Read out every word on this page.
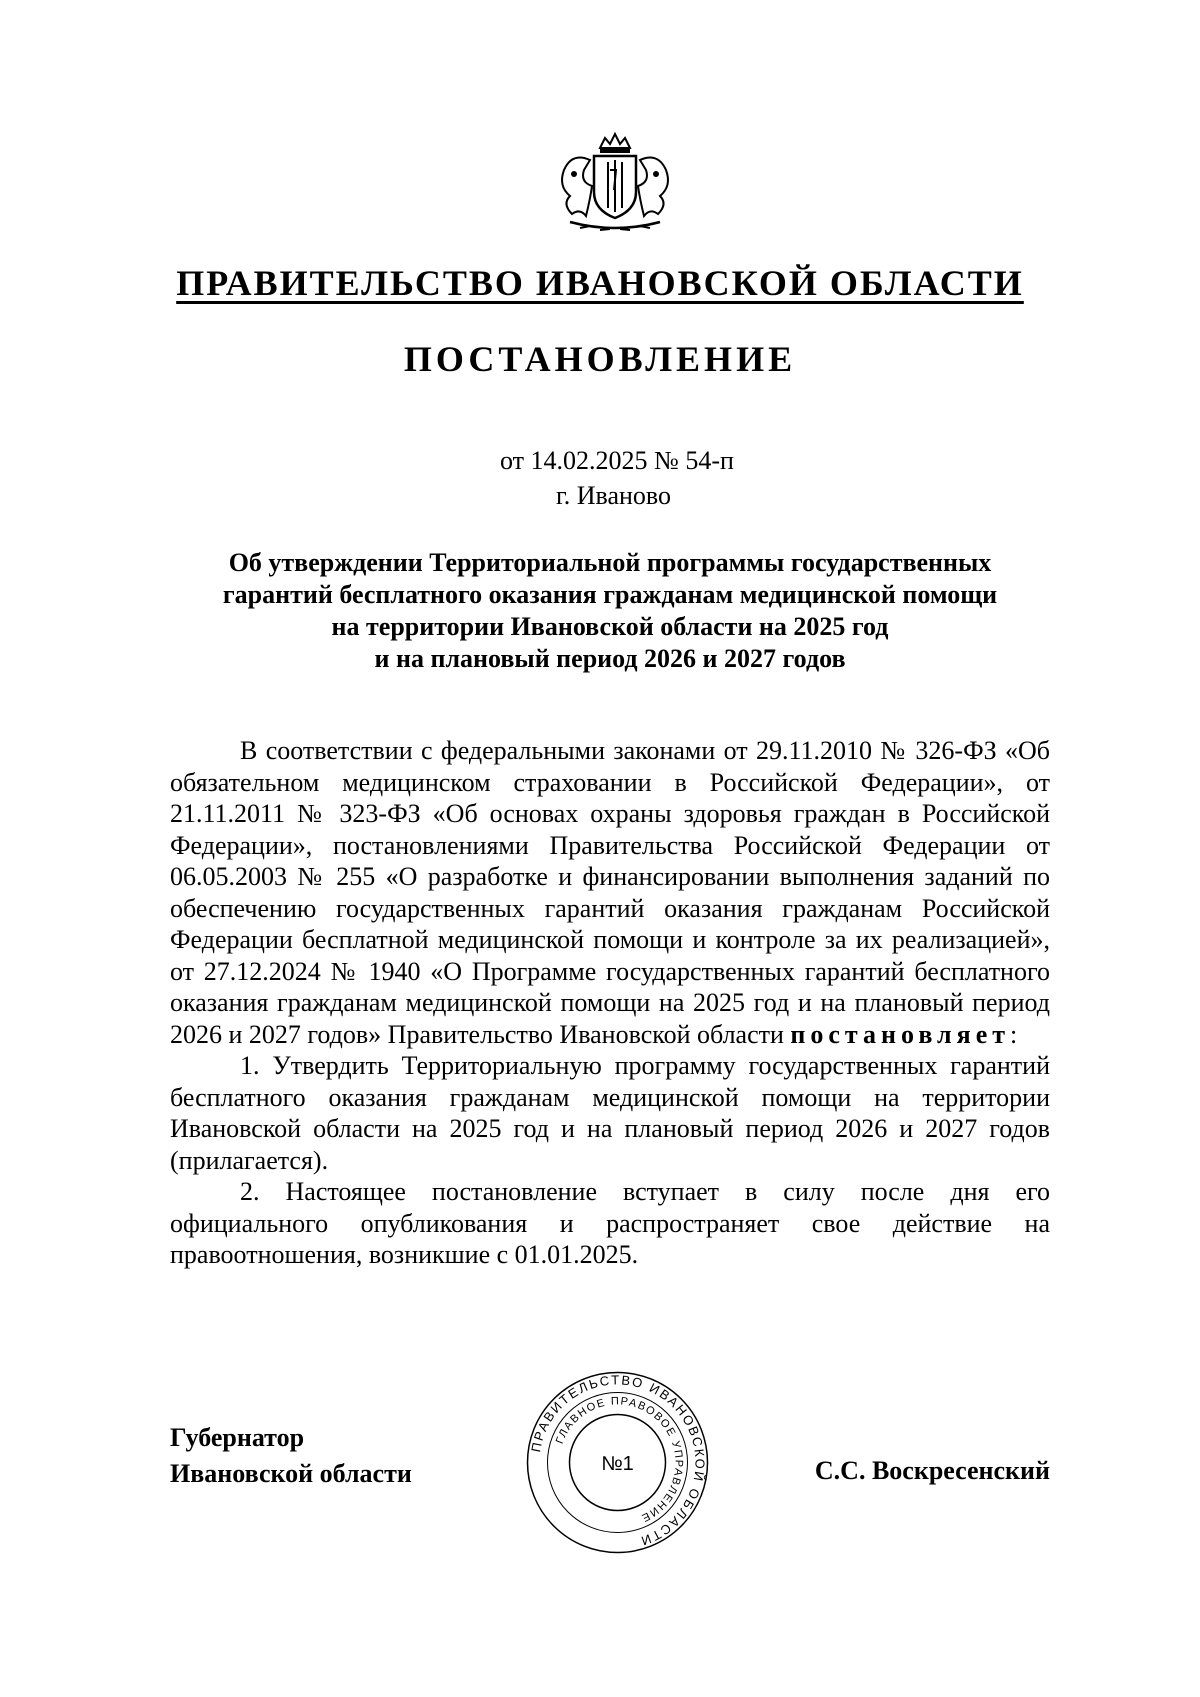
ПРАВИТЕЛЬСТВО ИВАНОВСКОЙ ОБЛАСТИ
ПОСТАНОВЛЕНИЕ
от 14.02.2025 № 54-п
г. Иваново
Об утверждении Территориальной программы государственных
гарантий бесплатного оказания гражданам медицинской помощи
на территории Ивановской области на 2025 год
и на плановый период 2026 и 2027 годов

В соответствии с федеральными законами от 29.11.2010 № 326-ФЗ «Об обязательном медицинском страховании в Российской Федерации», от 21.11.2011 № 323-ФЗ «Об основах охраны здоровья граждан в Российской Федерации», постановлениями Правительства Российской Федерации от 06.05.2003 № 255 «О разработке и финансировании выполнения заданий по обеспечению государственных гарантий оказания гражданам Российской Федерации бесплатной медицинской помощи и контроле за их реализацией», от 27.12.2024 № 1940 «О Программе государственных гарантий бесплатного оказания гражданам медицинской помощи на 2025 год и на плановый период 2026 и 2027 годов» Правительство Ивановской области постановляет:

1. Утвердить Территориальную программу государственных гарантий бесплатного оказания гражданам медицинской помощи на территории Ивановской области на 2025 год и на плановый период 2026 и 2027 годов (прилагается).

2. Настоящее постановление вступает в силу после дня его официального опубликования и распространяет свое действие на правоотношения, возникшие с 01.01.2025.

Губернатор
Ивановской области
ПРАВИТЕЛЬСТВО ИВАНОВСКОЙ ОБЛАСТИ
ГЛАВНОЕ ПРАВОВОЕ УПРАВЛЕНИЕ
№1	С.С. Воскресенский
